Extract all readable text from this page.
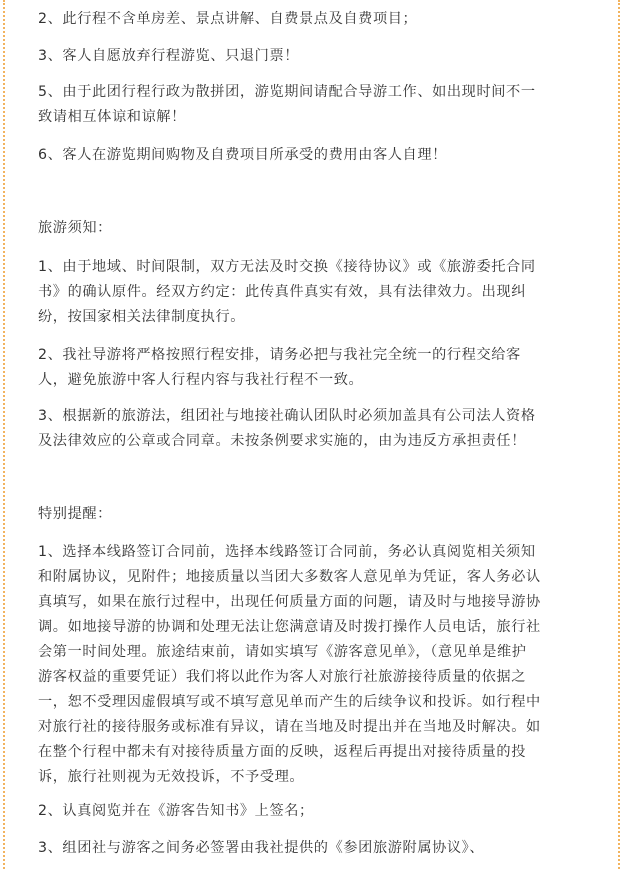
2、此行程不含单房差、景点讲解、自费景点及自费项目；
3、客人自愿放弃行程游览、只退门票！
5、由于此团行程行政为散拼团，游览期间请配合导游工作、如出现时间不一
致请相互体谅和谅解！
6、客人在游览期间购物及自费项目所承受的费用由客人自理！
旅游须知：
1、由于地域、时间限制，双方无法及时交换《接待协议》或《旅游委托合同
书》的确认原件。经双方约定：此传真件真实有效，具有法律效力。出现纠
纷，按国家相关法律制度执行。
2、我社导游将严格按照行程安排，请务必把与我社完全统一的行程交给客
人，避免旅游中客人行程内容与我社行程不一致。
3、根据新的旅游法，组团社与地接社确认团队时必须加盖具有公司法人资格
及法律效应的公章或合同章。未按条例要求实施的，由为违反方承担责任！
特别提醒：
1、选择本线路签订合同前，选择本线路签订合同前，务必认真阅览相关须知
和附属协议，见附件；地接质量以当团大多数客人意见单为凭证，客人务必认
真填写，如果在旅行过程中，出现任何质量方面的问题，请及时与地接导游协
调。如地接导游的协调和处理无法让您满意请及时拨打操作人员电话，旅行社
会第一时间处理。旅途结束前，请如实填写《游客意见单》，（意见单是维护
游客权益的重要凭证）我们将以此作为客人对旅行社旅游接待质量的依据之
一，恕不受理因虚假填写或不填写意见单而产生的后续争议和投诉。如行程中
对旅行社的接待服务或标准有异议，请在当地及时提出并在当地及时解决。如
在整个行程中都未有对接待质量方面的反映，返程后再提出对接待质量的投
诉，旅行社则视为无效投诉，不予受理。
2、认真阅览并在《游客告知书》上签名；
3、组团社与游客之间务必签署由我社提供的《参团旅游附属协议》、
